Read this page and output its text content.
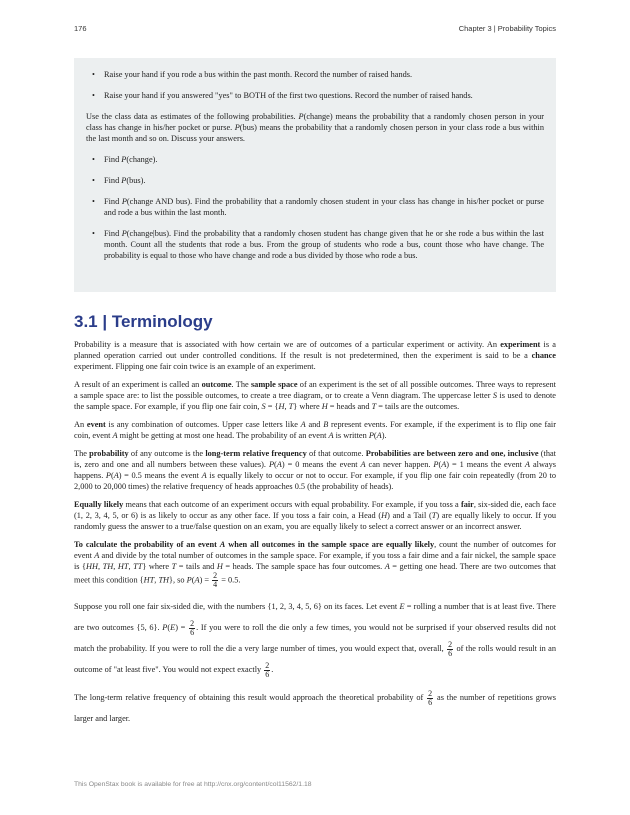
176	Chapter 3 | Probability Topics
• Raise your hand if you rode a bus within the past month. Record the number of raised hands.
• Raise your hand if you answered "yes" to BOTH of the first two questions. Record the number of raised hands.

Use the class data as estimates of the following probabilities. P(change) means the probability that a randomly chosen person in your class has change in his/her pocket or purse. P(bus) means the probability that a randomly chosen person in your class rode a bus within the last month and so on. Discuss your answers.

• Find P(change).
• Find P(bus).
• Find P(change AND bus). Find the probability that a randomly chosen student in your class has change in his/her pocket or purse and rode a bus within the last month.
• Find P(change|bus). Find the probability that a randomly chosen student has change given that he or she rode a bus within the last month. Count all the students that rode a bus. From the group of students who rode a bus, count those who have change. The probability is equal to those who have change and rode a bus divided by those who rode a bus.
3.1 | Terminology

Probability is a measure that is associated with how certain we are of outcomes of a particular experiment or activity. An experiment is a planned operation carried out under controlled conditions. If the result is not predetermined, then the experiment is said to be a chance experiment. Flipping one fair coin twice is an example of an experiment.

A result of an experiment is called an outcome. The sample space of an experiment is the set of all possible outcomes. Three ways to represent a sample space are: to list the possible outcomes, to create a tree diagram, or to create a Venn diagram. The uppercase letter S is used to denote the sample space. For example, if you flip one fair coin, S = {H, T} where H = heads and T = tails are the outcomes.

An event is any combination of outcomes. Upper case letters like A and B represent events. For example, if the experiment is to flip one fair coin, event A might be getting at most one head. The probability of an event A is written P(A).

The probability of any outcome is the long-term relative frequency of that outcome. Probabilities are between zero and one, inclusive (that is, zero and one and all numbers between these values). P(A) = 0 means the event A can never happen. P(A) = 1 means the event A always happens. P(A) = 0.5 means the event A is equally likely to occur or not to occur. For example, if you flip one fair coin repeatedly (from 20 to 2,000 to 20,000 times) the relative frequency of heads approaches 0.5 (the probability of heads).

Equally likely means that each outcome of an experiment occurs with equal probability. For example, if you toss a fair, six-sided die, each face (1, 2, 3, 4, 5, or 6) is as likely to occur as any other face. If you toss a fair coin, a Head (H) and a Tail (T) are equally likely to occur. If you randomly guess the answer to a true/false question on an exam, you are equally likely to select a correct answer or an incorrect answer.

To calculate the probability of an event A when all outcomes in the sample space are equally likely, count the number of outcomes for event A and divide by the total number of outcomes in the sample space. For example, if you toss a fair dime and a fair nickel, the sample space is {HH, TH, HT, TT} where T = tails and H = heads. The sample space has four outcomes. A = getting one head. There are two outcomes that meet this condition {HT, TH}, so $P(A) = \frac{2}{4} = 0.5$.

Suppose you roll one fair six-sided die, with the numbers {1, 2, 3, 4, 5, 6} on its faces. Let event E = rolling a number that is at least five. There are two outcomes {5, 6}. $P(E) = \frac{2}{6}$ . If you were to roll the die only a few times, you would not be surprised if your observed results did not match the probability. If you were to roll the die a very large number of times, you would expect that, overall, $\frac{2}{6}$ of the rolls would result in an outcome of "at least five". You would not expect exactly $\frac{2}{6}$ .

The long-term relative frequency of obtaining this result would approach the theoretical probability of $\frac{2}{6}$ as the number of repetitions grows larger and larger.

This OpenStax book is available for free at http://cnx.org/content/col11562/1.18
